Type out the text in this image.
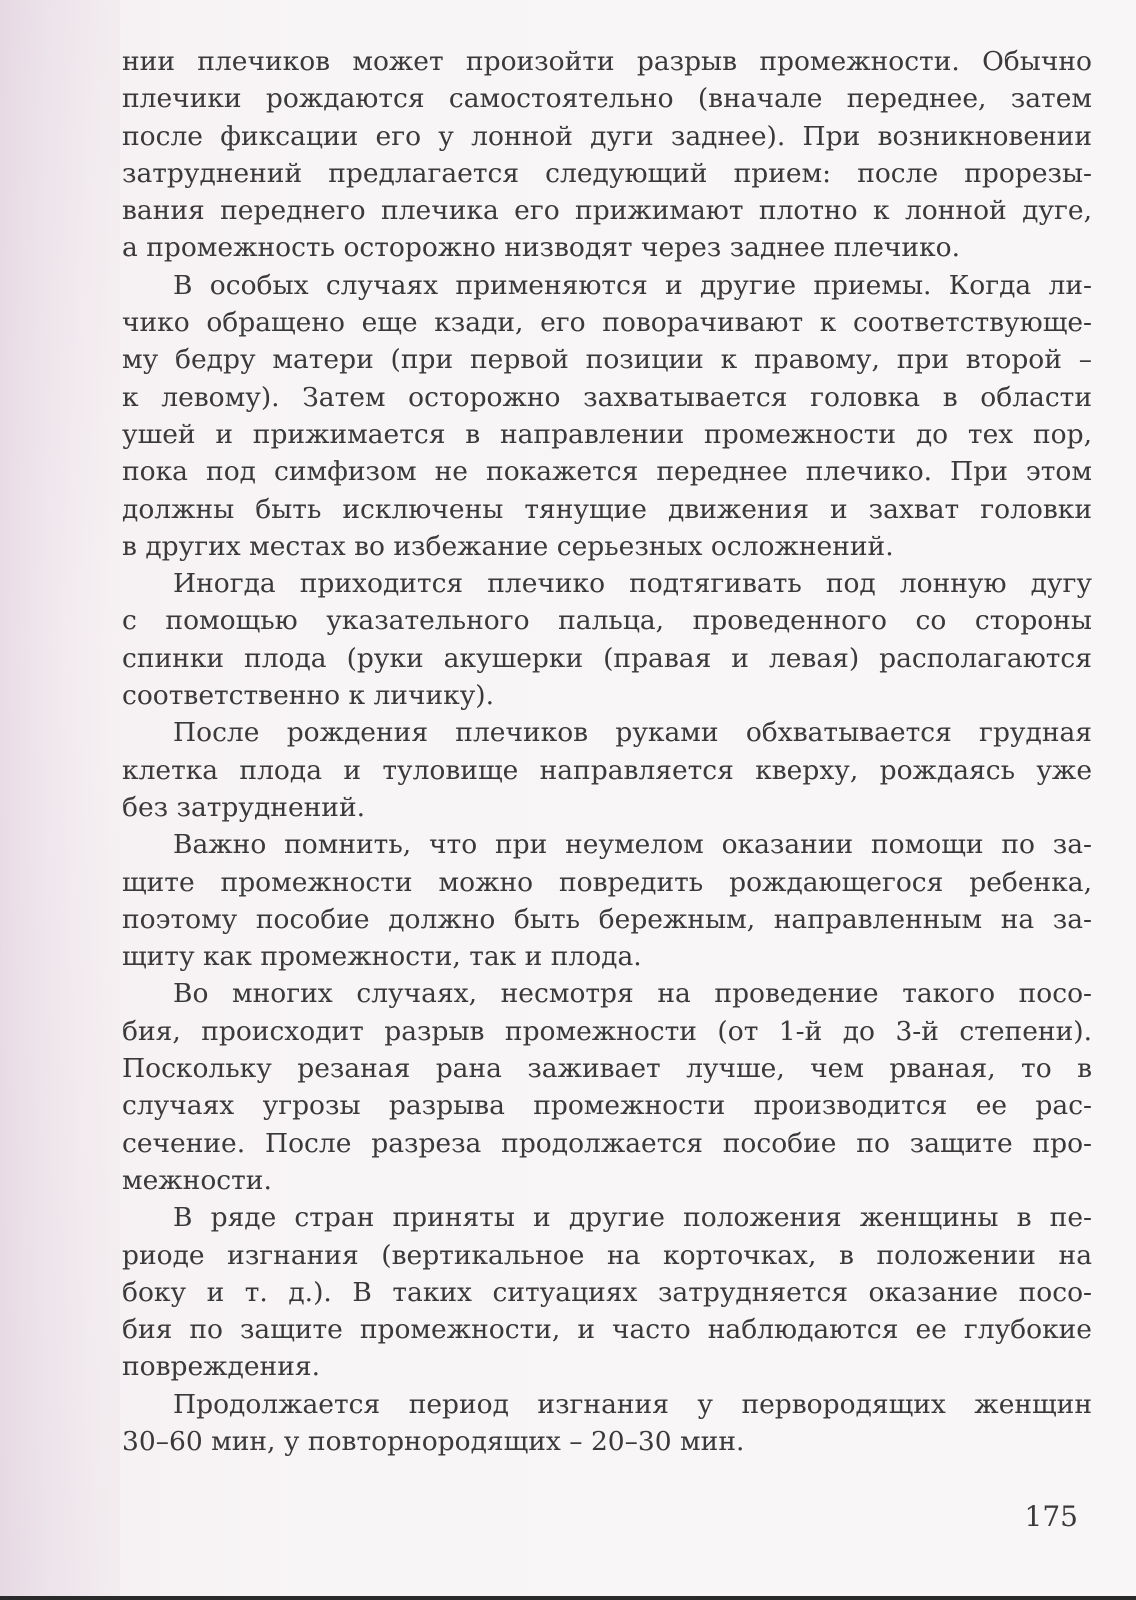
нии плечиков может произойти разрыв промежности. Обычно
плечики рождаются самостоятельно (вначале переднее, затем
после фиксации его у лонной дуги заднее). При возникновении
затруднений предлагается следующий прием: после прорезы-
вания переднего плечика его прижимают плотно к лонной дуге,
а промежность осторожно низводят через заднее плечико.
В особых случаях применяются и другие приемы. Когда ли-
чико обращено еще кзади, его поворачивают к соответствующе-
му бедру матери (при первой позиции к правому, при второй –
к левому). Затем осторожно захватывается головка в области
ушей и прижимается в направлении промежности до тех пор,
пока под симфизом не покажется переднее плечико. При этом
должны быть исключены тянущие движения и захват головки
в других местах во избежание серьезных осложнений.
Иногда приходится плечико подтягивать под лонную дугу
с помощью указательного пальца, проведенного со стороны
спинки плода (руки акушерки (правая и левая) располагаются
соответственно к личику).
После рождения плечиков руками обхватывается грудная
клетка плода и туловище направляется кверху, рождаясь уже
без затруднений.
Важно помнить, что при неумелом оказании помощи по за-
щите промежности можно повредить рождающегося ребенка,
поэтому пособие должно быть бережным, направленным на за-
щиту как промежности, так и плода.
Во многих случаях, несмотря на проведение такого посо-
бия, происходит разрыв промежности (от 1-й до 3-й степени).
Поскольку резаная рана заживает лучше, чем рваная, то в
случаях угрозы разрыва промежности производится ее рас-
сечение. После разреза продолжается пособие по защите про-
межности.
В ряде стран приняты и другие положения женщины в пе-
риоде изгнания (вертикальное на корточках, в положении на
боку и т. д.). В таких ситуациях затрудняется оказание посо-
бия по защите промежности, и часто наблюдаются ее глубокие
повреждения.
Продолжается период изгнания у первородящих женщин
30–60 мин, у повторнородящих – 20–30 мин.
175
